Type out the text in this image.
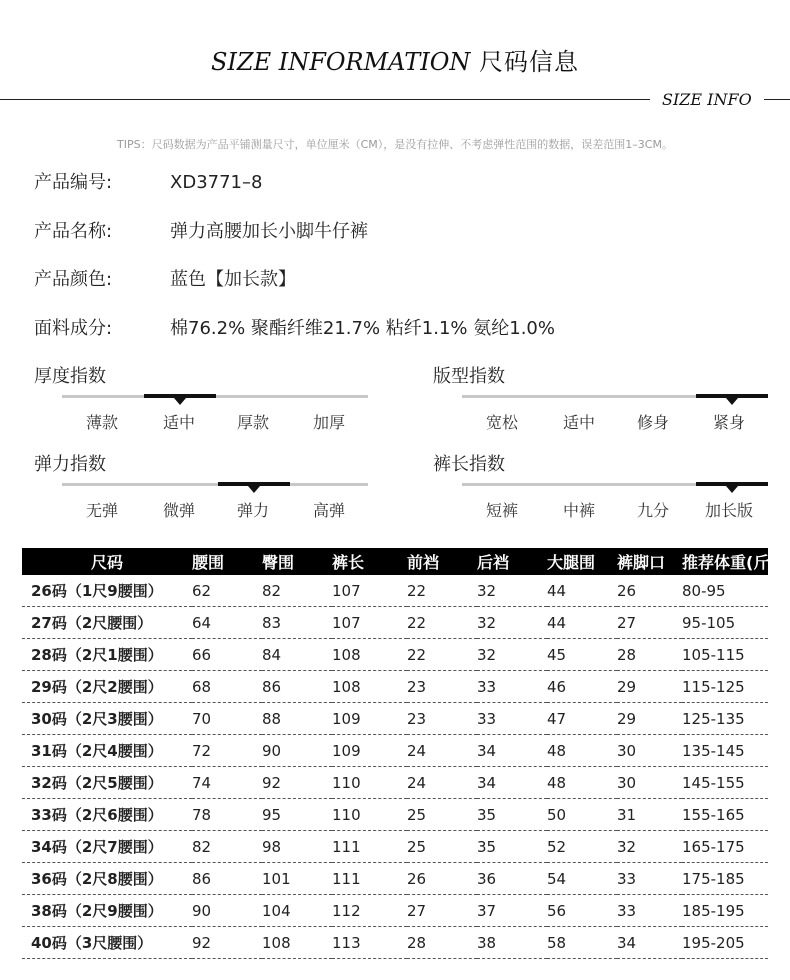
SIZE INFORMATION 尺码信息
SIZE INFO
TIPS：尺码数据为产品平铺测量尺寸，单位厘米（CM），是没有拉伸、不考虑弹性范围的数据，误差范围1–3CM。
产品编号:	XD3771–8
产品名称:	弹力高腰加长小脚牛仔裤
产品颜色:	蓝色【加长款】
面料成分:	棉76.2% 聚酯纤维21.7% 粘纤1.1% 氨纶1.0%
厚度指数
薄款	适中	厚款	加厚
版型指数
宽松	适中	修身	紧身
弹力指数
无弹	微弹	弹力	高弹
裤长指数
短裤	中裤	九分	加长版
尺码	腰围	臀围	裤长	前裆	后裆	大腿围	裤脚口	推荐体重(斤)
26码（1尺9腰围）	62	82	107	22	32	44	26	80-95
27码（2尺腰围）	64	83	107	22	32	44	27	95-105
28码（2尺1腰围）	66	84	108	22	32	45	28	105-115
29码（2尺2腰围）	68	86	108	23	33	46	29	115-125
30码（2尺3腰围）	70	88	109	23	33	47	29	125-135
31码（2尺4腰围）	72	90	109	24	34	48	30	135-145
32码（2尺5腰围）	74	92	110	24	34	48	30	145-155
33码（2尺6腰围）	78	95	110	25	35	50	31	155-165
34码（2尺7腰围）	82	98	111	25	35	52	32	165-175
36码（2尺8腰围）	86	101	111	26	36	54	33	175-185
38码（2尺9腰围）	90	104	112	27	37	56	33	185-195
40码（3尺腰围）	92	108	113	28	38	58	34	195-205
